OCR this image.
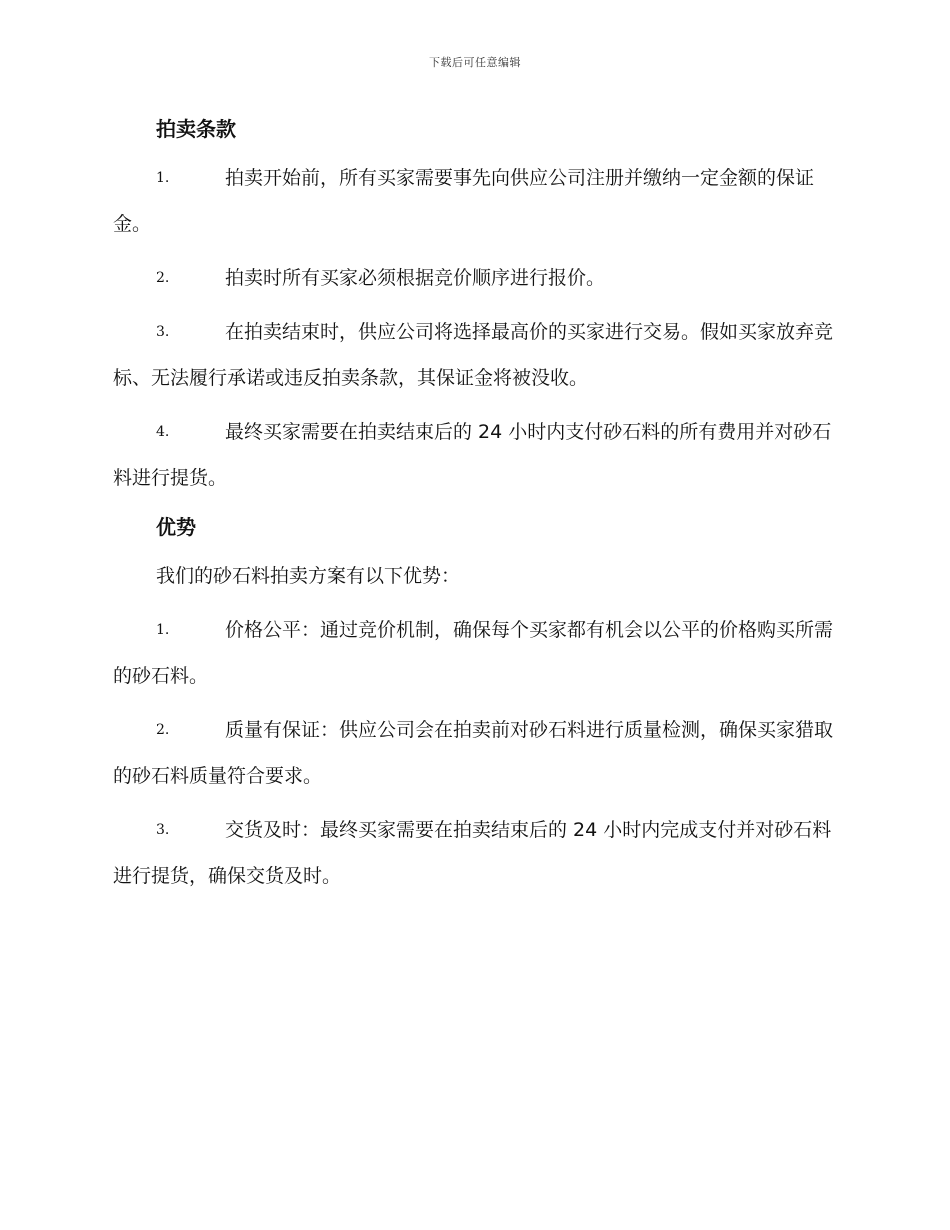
下载后可任意编辑
拍卖条款

1.	拍卖开始前，所有买家需要事先向供应公司注册并缴纳一定金额的保证金。

2.	拍卖时所有买家必须根据竞价顺序进行报价。

3.	在拍卖结束时，供应公司将选择最高价的买家进行交易。假如买家放弃竞标、无法履行承诺或违反拍卖条款，其保证金将被没收。

4.	最终买家需要在拍卖结束后的 24 小时内支付砂石料的所有费用并对砂石料进行提货。

优势

我们的砂石料拍卖方案有以下优势：

1.	价格公平：通过竞价机制，确保每个买家都有机会以公平的价格购买所需的砂石料。

2.	质量有保证：供应公司会在拍卖前对砂石料进行质量检测，确保买家猎取的砂石料质量符合要求。

3.	交货及时：最终买家需要在拍卖结束后的 24 小时内完成支付并对砂石料进行提货，确保交货及时。
